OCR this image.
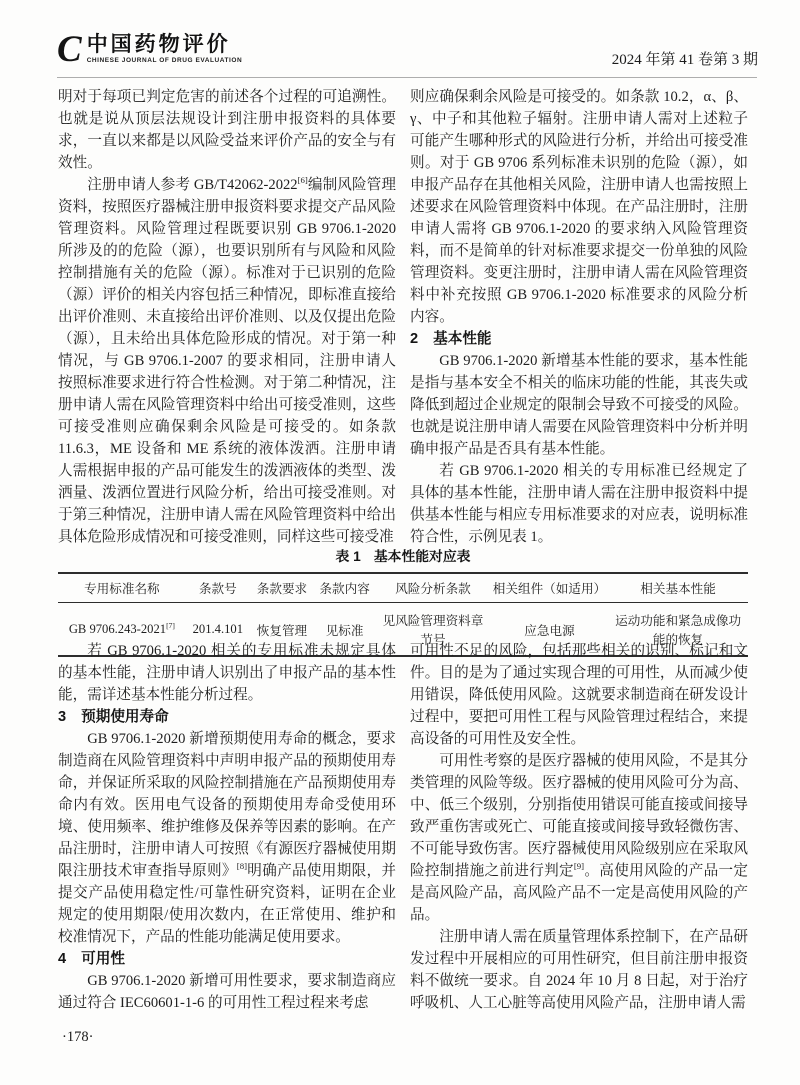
C 中国药物评价
CHINESE JOURNAL OF DRUG EVALUATION	2024 年第 41 卷第 3 期

明对于每项已判定危害的前述各个过程的可追溯性。也就是说从顶层法规设计到注册申报资料的具体要求，一直以来都是以风险受益来评价产品的安全与有效性。

注册申请人参考 GB/T42062-2022[6]编制风险管理资料，按照医疗器械注册申报资料要求提交产品风险管理资料。风险管理过程既要识别 GB 9706.1-2020 所涉及的的危险（源），也要识别所有与风险和风险控制措施有关的危险（源）。标准对于已识别的危险（源）评价的相关内容包括三种情况，即标准直接给出评价准则、未直接给出评价准则、以及仅提出危险（源），且未给出具体危险形成的情况。对于第一种情况，与 GB 9706.1-2007 的要求相同，注册申请人按照标准要求进行符合性检测。对于第二种情况，注册申请人需在风险管理资料中给出可接受准则，这些可接受准则应确保剩余风险是可接受的。如条款 11.6.3，ME 设备和 ME 系统的液体泼洒。注册申请人需根据申报的产品可能发生的泼洒液体的类型、泼洒量、泼洒位置进行风险分析，给出可接受准则。对于第三种情况，注册申请人需在风险管理资料中给出具体危险形成情况和可接受准则，同样这些可接受准

则应确保剩余风险是可接受的。如条款 10.2，α、β、γ、中子和其他粒子辐射。注册申请人需对上述粒子可能产生哪种形式的风险进行分析，并给出可接受准则。对于 GB 9706 系列标准未识别的危险（源），如申报产品存在其他相关风险，注册申请人也需按照上述要求在风险管理资料中体现。在产品注册时，注册申请人需将 GB 9706.1-2020 的要求纳入风险管理资料，而不是简单的针对标准要求提交一份单独的风险管理资料。变更注册时，注册申请人需在风险管理资料中补充按照 GB 9706.1-2020 标准要求的风险分析内容。

2 基本性能

GB 9706.1-2020 新增基本性能的要求，基本性能是指与基本安全不相关的临床功能的性能，其丧失或降低到超过企业规定的限制会导致不可接受的风险。也就是说注册申请人需要在风险管理资料中分析并明确申报产品是否具有基本性能。

若 GB 9706.1-2020 相关的专用标准已经规定了具体的基本性能，注册申请人需在注册申报资料中提供基本性能与相应专用标准要求的对应表，说明标准符合性，示例见表 1。

表 1 基本性能对应表
专用标准名称	条款号	条款要求	条款内容	风险分析条款	相关组件（如适用）	相关基本性能
GB 9706.243-2021[7]	201.4.101	恢复管理	见标准	见风险管理资料章节号	应急电源	运动功能和紧急成像功能的恢复

若 GB 9706.1-2020 相关的专用标准未规定具体的基本性能，注册申请人识别出了申报产品的基本性能，需详述基本性能分析过程。

3 预期使用寿命

GB 9706.1-2020 新增预期使用寿命的概念，要求制造商在风险管理资料中声明申报产品的预期使用寿命，并保证所采取的风险控制措施在产品预期使用寿命内有效。医用电气设备的预期使用寿命受使用环境、使用频率、维护维修及保养等因素的影响。在产品注册时，注册申请人可按照《有源医疗器械使用期限注册技术审查指导原则》[8]明确产品使用期限，并提交产品使用稳定性/可靠性研究资料，证明在企业规定的使用期限/使用次数内，在正常使用、维护和校准情况下，产品的性能功能满足使用要求。

4 可用性

GB 9706.1-2020 新增可用性要求，要求制造商应通过符合 IEC60601-1-6 的可用性工程过程来考虑

可用性不足的风险，包括那些相关的识别、标记和文件。目的是为了通过实现合理的可用性，从而减少使用错误，降低使用风险。这就要求制造商在研发设计过程中，要把可用性工程与风险管理过程结合，来提高设备的可用性及安全性。

可用性考察的是医疗器械的使用风险，不是其分类管理的风险等级。医疗器械的使用风险可分为高、中、低三个级别，分别指使用错误可能直接或间接导致严重伤害或死亡、可能直接或间接导致轻微伤害、不可能导致伤害。医疗器械使用风险级别应在采取风险控制措施之前进行判定[9]。高使用风险的产品一定是高风险产品，高风险产品不一定是高使用风险的产品。

注册申请人需在质量管理体系控制下，在产品研发过程中开展相应的可用性研究，但目前注册申报资料不做统一要求。自 2024 年 10 月 8 日起，对于治疗呼吸机、人工心脏等高使用风险产品，注册申请人需

·178·
